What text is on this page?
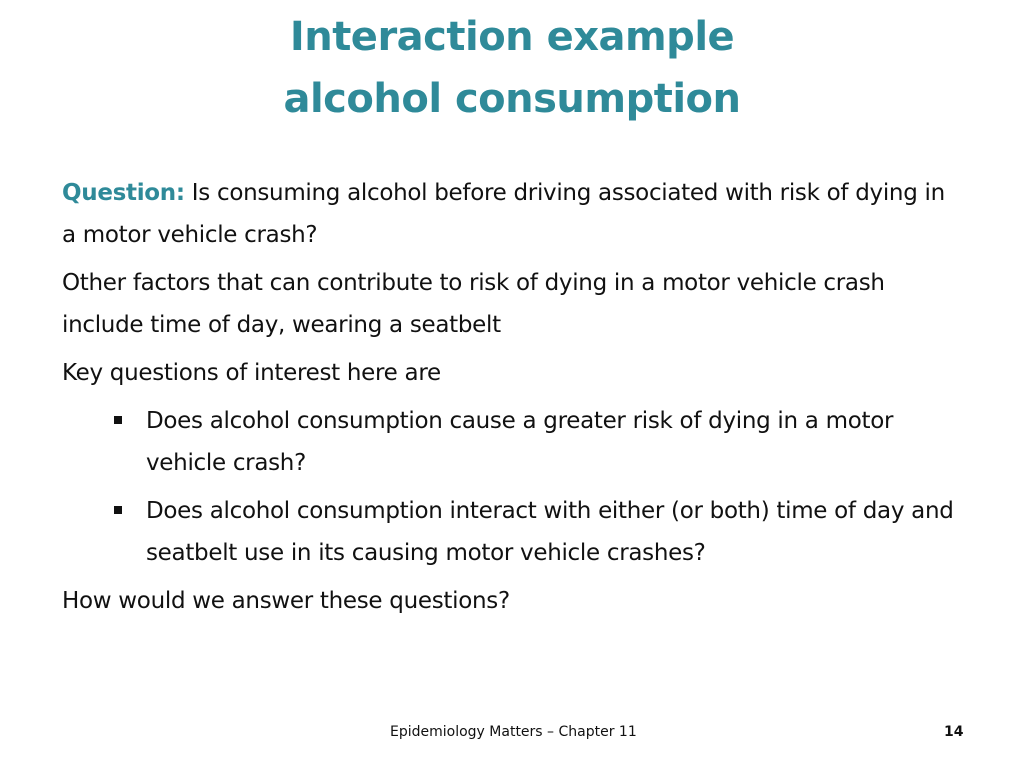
Interaction example
alcohol consumption
Question: Is consuming alcohol before driving associated with risk of dying in a motor vehicle crash?
Other factors that can contribute to risk of dying in a motor vehicle crash include time of day, wearing a seatbelt
Key questions of interest here are
Does alcohol consumption cause a greater risk of dying in a motor vehicle crash?
Does alcohol consumption interact with either (or both) time of day and seatbelt use in its causing motor vehicle crashes?
How would we answer these questions?
Epidemiology Matters – Chapter 11	14
